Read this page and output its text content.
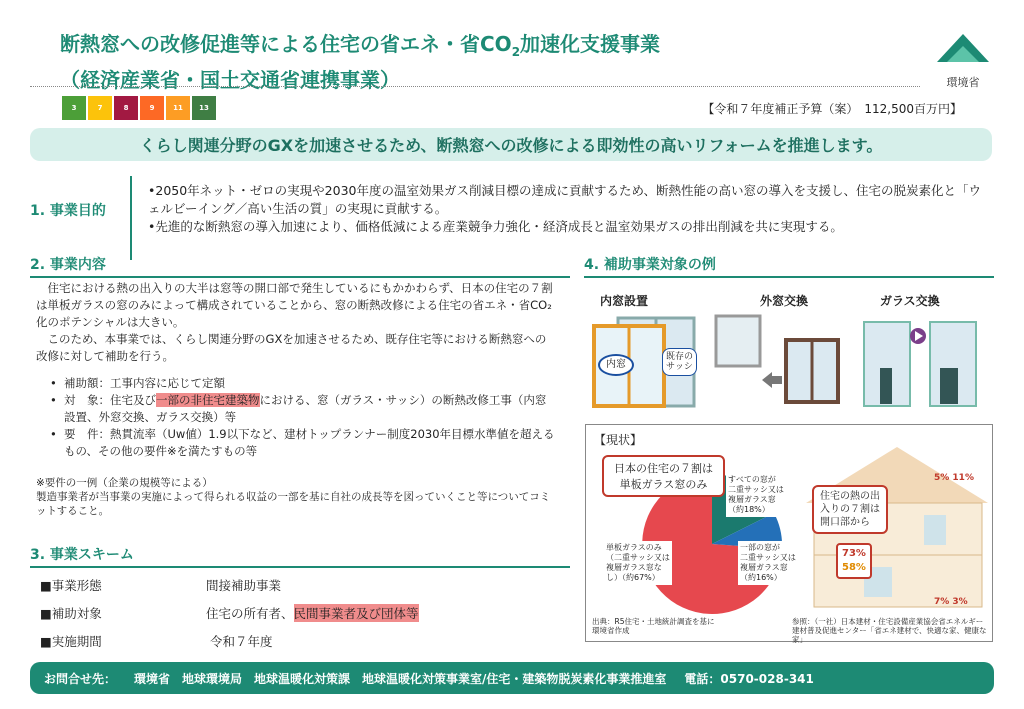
断熱窓への改修促進等による住宅の省エネ・省$CO_2$加速化支援事業
（経済産業省・国土交通省連携事業）	環境省
3	7	8	9	11	13	【令和７年度補正予算（案）　112,500百万円】
くらし関連分野のGXを加速させるため、断熱窓への改修による即効性の高いリフォームを推進します。
1. 事業目的
•2050年ネット・ゼロの実現や2030年度の温室効果ガス削減目標の達成に貢献するため、断熱性能の高い窓の導入を支援し、住宅の脱炭素化と「ウェルビーイング／高い生活の質」の実現に貢献する。
•先進的な断熱窓の導入加速により、価格低減による産業競争力強化・経済成長と温室効果ガスの排出削減を共に実現する。
2. 事業内容

住宅における熱の出入りの大半は窓等の開口部で発生しているにもかかわらず、日本の住宅の７割は単板ガラスの窓のみによって構成されていることから、窓の断熱改修による住宅の省エネ・省CO₂化のポテンシャルは大きい。

このため、本事業では、くらし関連分野のGXを加速させるため、既存住宅等における断熱窓への改修に対して補助を行う。

• 補助額：工事内容に応じて定額
• 対　象：住宅及び一部の非住宅建築物における、窓（ガラス・サッシ）の断熱改修工事（内窓設置、外窓交換、ガラス交換）等
• 要　件：熱貫流率（Uw値）1.9以下など、建材トップランナー制度2030年目標水準値を超えるもの、その他の要件※を満たすもの等
※要件の一例（企業の規模等による）
製造事業者が当事業の実施によって得られる収益の一部を基に自社の成長等を図っていくこと等についてコミットすること。
3. 事業スキーム
■事業形態	間接補助事業
■補助対象	住宅の所有者、 民間事業者及び団体等
■実施期間	令和７年度
4. 補助事業対象の例
内窓設置	外窓交換	ガラス交換
内窓
既存の
サッシ
【現状】
日本の住宅の７割は
単板ガラス窓のみ
単板ガラスのみ
（二重サッシ又は
複層ガラス窓な
し）（約67%）
すべての窓が
二重サッシ又は
複層ガラス窓
（約18%）
一部の窓が
二重サッシ又は
複層ガラス窓
（約16%）
出典：R5住宅・土地統計調査を基に
環境省作成
住宅の熱の出
入りの７割は
開口部から
73%
58%
5% 11%
7% 3%
参照：（一社）日本建材・住宅設備産業協会省エネルギー建材普及促進センター「省エネ建材で、快適な家、健康な家」
お問合せ先： 環境省　地球環境局　地球温暖化対策課　地球温暖化対策事業室/住宅・建築物脱炭素化事業推進室 電話：0570-028-341
